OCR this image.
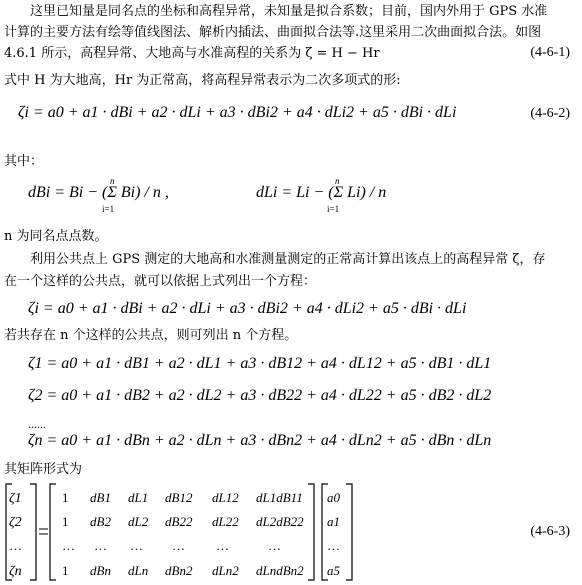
这里已知量是同名点的坐标和高程异常，未知量是拟合系数；目前，国内外用于 GPS 水准
计算的主要方法有绘等值线图法、解析内插法、曲面拟合法等.这里采用二次曲面拟合法。如图
4.6.1 所示，高程异常、大地高与水准高程的关系为 ζ = H − Hr	(4-6-1)
式中 H 为大地高，Hr 为正常高，将高程异常表示为二次多项式的形:
ζi = a0 + a1 · dBi + a2 · dLi + a3 · dBi2 + a4 · dLi2 + a5 · dBi · dLi	(4-6-2)
其中：
dBi = Bi − (Σ Bi) / n ,	dLi = Li − (Σ Li) / n
n
i=1
n
i=1
n 为同名点点数。
利用公共点上 GPS 测定的大地高和水准测量测定的正常高计算出该点上的高程异常 ζ，存
在一个这样的公共点，就可以依据上式列出一个方程：
ζi = a0 + a1 · dBi + a2 · dLi + a3 · dBi2 + a4 · dLi2 + a5 · dBi · dLi
若共存在 n 个这样的公共点，则可列出 n 个方程。
ζ1 = a0 + a1 · dB1 + a2 · dL1 + a3 · dB12 + a4 · dL12 + a5 · dB1 · dL1
ζ2 = a0 + a1 · dB2 + a2 · dL2 + a3 · dB22 + a4 · dL22 + a5 · dB2 · dL2
......
ζn = a0 + a1 · dBn + a2 · dLn + a3 · dBn2 + a4 · dLn2 + a5 · dBn · dLn
其矩阵形式为
ζ1
ζ2
…
ζn
1 dB1 dL1 dB12 dL12 dL1dB11
1 dB2 dL2 dB22 dL22 dL2dB22
… … … … …	…
1 dBn dLn dBn2 dLn2 dLndBn2
a0
a1
…
a5
(4-6-3)
